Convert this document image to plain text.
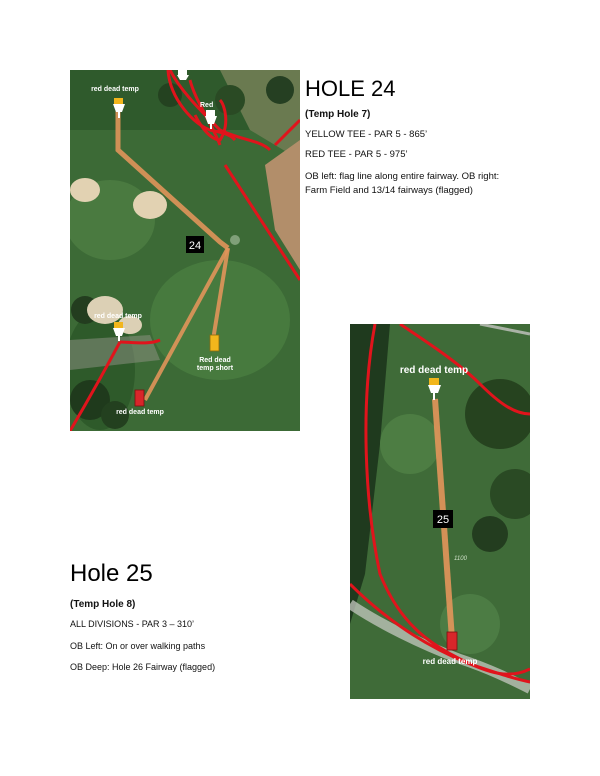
24
red dead temp
Red
red dead temp
Red dead
temp short
red dead temp
HOLE 24
(Temp Hole 7)
YELLOW TEE - PAR 5 - 865’
RED TEE - PAR 5 - 975’
OB left: flag line along entire fairway. OB right: Farm Field and 13/14 fairways (flagged)
25
1100
red dead temp
red dead temp
Hole 25
(Temp Hole 8)
ALL DIVISIONS - PAR 3 – 310’
OB Left: On or over walking paths
OB Deep: Hole 26 Fairway (flagged)
